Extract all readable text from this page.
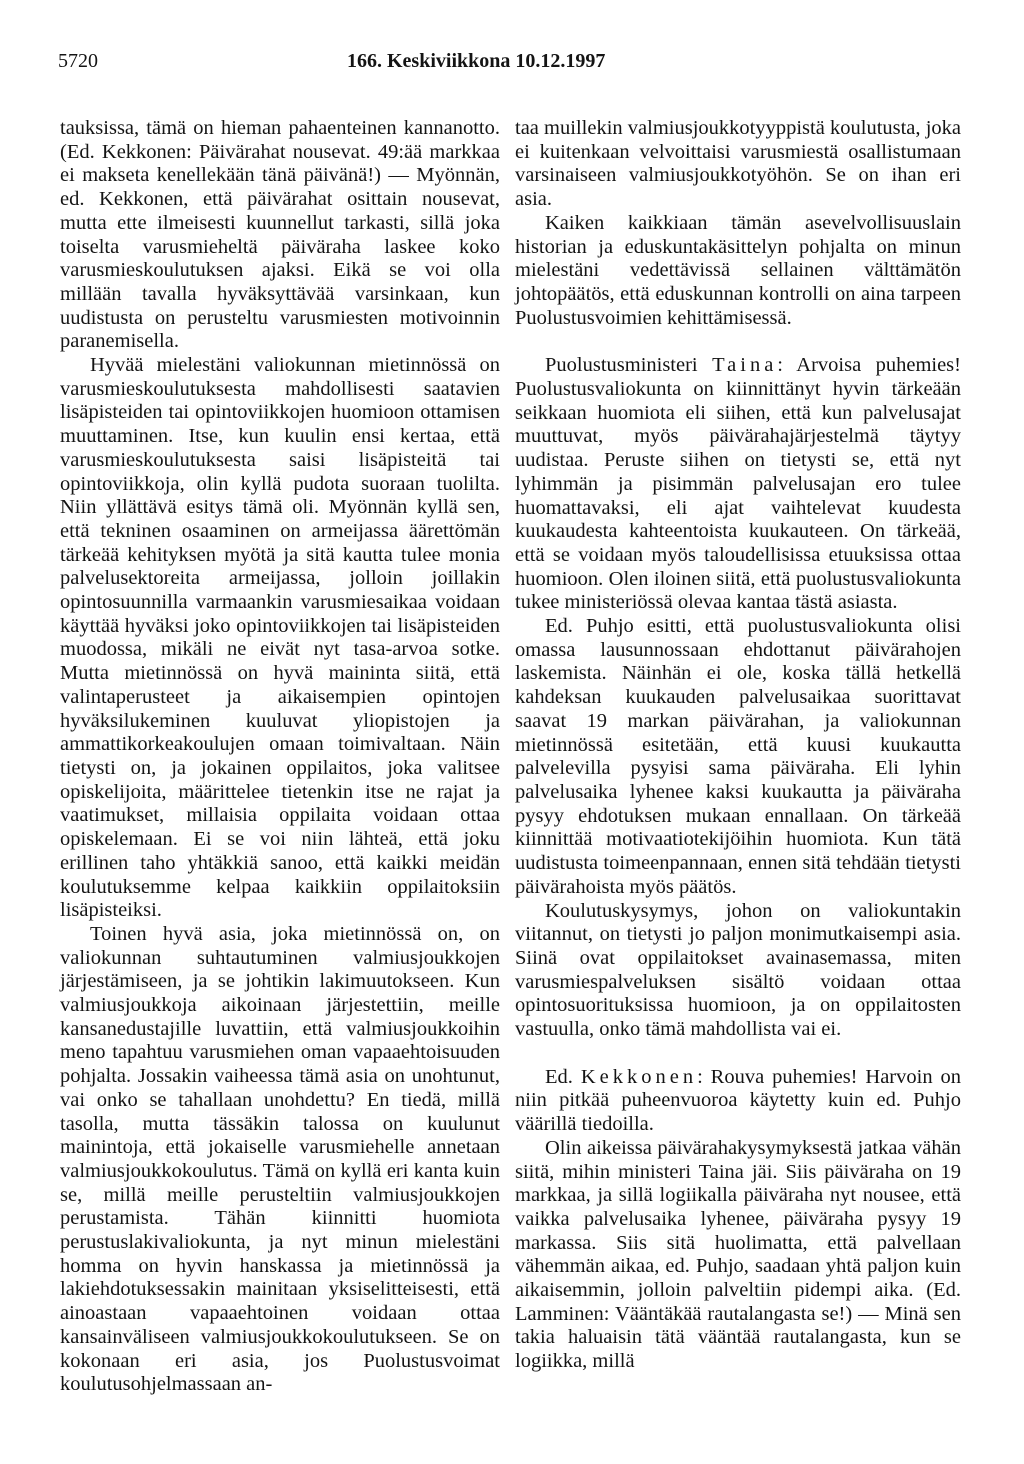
5720	166. Keskiviikkona 10.12.1997

tauksissa, tämä on hieman pahaenteinen kannanotto. (Ed. Kekkonen: Päivärahat nousevat. 49:ää markkaa ei makseta kenellekään tänä päivänä!) — Myönnän, ed. Kekkonen, että päivärahat osittain nousevat, mutta ette ilmeisesti kuunnellut tarkasti, sillä joka toiselta varusmieheltä päiväraha laskee koko varusmieskoulutuksen ajaksi. Eikä se voi olla millään tavalla hyväksyttävää varsinkaan, kun uudistusta on perusteltu varusmiesten motivoinnin paranemisella.

Hyvää mielestäni valiokunnan mietinnössä on varusmieskoulutuksesta mahdollisesti saatavien lisäpisteiden tai opintoviikkojen huomioon ottamisen muuttaminen. Itse, kun kuulin ensi kertaa, että varusmieskoulutuksesta saisi lisäpisteitä tai opintoviikkoja, olin kyllä pudota suoraan tuolilta. Niin yllättävä esitys tämä oli. Myönnän kyllä sen, että tekninen osaaminen on armeijassa äärettömän tärkeää kehityksen myötä ja sitä kautta tulee monia palvelusektoreita armeijassa, jolloin joillakin opintosuunnilla varmaankin varusmiesaikaa voidaan käyttää hyväksi joko opintoviikkojen tai lisäpisteiden muodossa, mikäli ne eivät nyt tasa-arvoa sotke. Mutta mietinnössä on hyvä maininta siitä, että valintaperusteet ja aikaisempien opintojen hyväksilukeminen kuuluvat yliopistojen ja ammattikorkeakoulujen omaan toimivaltaan. Näin tietysti on, ja jokainen oppilaitos, joka valitsee opiskelijoita, määrittelee tietenkin itse ne rajat ja vaatimukset, millaisia oppilaita voidaan ottaa opiskelemaan. Ei se voi niin lähteä, että joku erillinen taho yhtäkkiä sanoo, että kaikki meidän koulutuksemme kelpaa kaikkiin oppilaitoksiin lisäpisteiksi.

Toinen hyvä asia, joka mietinnössä on, on valiokunnan suhtautuminen valmiusjoukkojen järjestämiseen, ja se johtikin lakimuutokseen. Kun valmiusjoukkoja aikoinaan järjestettiin, meille kansanedustajille luvattiin, että valmiusjoukkoihin meno tapahtuu varusmiehen oman vapaaehtoisuuden pohjalta. Jossakin vaiheessa tämä asia on unohtunut, vai onko se tahallaan unohdettu? En tiedä, millä tasolla, mutta tässäkin talossa on kuulunut mainintoja, että jokaiselle varusmiehelle annetaan valmiusjoukkokoulutus. Tämä on kyllä eri kanta kuin se, millä meille perusteltiin valmiusjoukkojen perustamista. Tähän kiinnitti huomiota perustuslakivaliokunta, ja nyt minun mielestäni homma on hyvin hanskassa ja mietinnössä ja lakiehdotuksessakin mainitaan yksiselitteisesti, että ainoastaan vapaaehtoinen voidaan ottaa kansainväliseen valmiusjoukkokoulutukseen. Se on kokonaan eri asia, jos Puolustusvoimat koulutusohjelmassaan an-

taa muillekin valmiusjoukkotyyppistä koulutusta, joka ei kuitenkaan velvoittaisi varusmiestä osallistumaan varsinaiseen valmiusjoukkotyöhön. Se on ihan eri asia.

Kaiken kaikkiaan tämän asevelvollisuuslain historian ja eduskuntakäsittelyn pohjalta on minun mielestäni vedettävissä sellainen välttämätön johtopäätös, että eduskunnan kontrolli on aina tarpeen Puolustusvoimien kehittämisessä.

Puolustusministeri Taina: Arvoisa puhemies! Puolustusvaliokunta on kiinnittänyt hyvin tärkeään seikkaan huomiota eli siihen, että kun palvelusajat muuttuvat, myös päivärahajärjestelmä täytyy uudistaa. Peruste siihen on tietysti se, että nyt lyhimmän ja pisimmän palvelusajan ero tulee huomattavaksi, eli ajat vaihtelevat kuudesta kuukaudesta kahteentoista kuukauteen. On tärkeää, että se voidaan myös taloudellisissa etuuksissa ottaa huomioon. Olen iloinen siitä, että puolustusvaliokunta tukee ministeriössä olevaa kantaa tästä asiasta.

Ed. Puhjo esitti, että puolustusvaliokunta olisi omassa lausunnossaan ehdottanut päivärahojen laskemista. Näinhän ei ole, koska tällä hetkellä kahdeksan kuukauden palvelusaikaa suorittavat saavat 19 markan päivärahan, ja valiokunnan mietinnössä esitetään, että kuusi kuukautta palvelevilla pysyisi sama päiväraha. Eli lyhin palvelusaika lyhenee kaksi kuukautta ja päiväraha pysyy ehdotuksen mukaan ennallaan. On tärkeää kiinnittää motivaatiotekijöihin huomiota. Kun tätä uudistusta toimeenpannaan, ennen sitä tehdään tietysti päivärahoista myös päätös.

Koulutuskysymys, johon on valiokuntakin viitannut, on tietysti jo paljon monimutkaisempi asia. Siinä ovat oppilaitokset avainasemassa, miten varusmiespalveluksen sisältö voidaan ottaa opintosuorituksissa huomioon, ja on oppilaitosten vastuulla, onko tämä mahdollista vai ei.

Ed. Kekkonen: Rouva puhemies! Harvoin on niin pitkää puheenvuoroa käytetty kuin ed. Puhjo väärillä tiedoilla.

Olin aikeissa päivärahakysymyksestä jatkaa vähän siitä, mihin ministeri Taina jäi. Siis päiväraha on 19 markkaa, ja sillä logiikalla päiväraha nyt nousee, että vaikka palvelusaika lyhenee, päiväraha pysyy 19 markassa. Siis sitä huolimatta, että palvellaan vähemmän aikaa, ed. Puhjo, saadaan yhtä paljon kuin aikaisemmin, jolloin palveltiin pidempi aika. (Ed. Lamminen: Vääntäkää rautalangasta se!) — Minä sen takia haluaisin tätä vääntää rautalangasta, kun se logiikka, millä
